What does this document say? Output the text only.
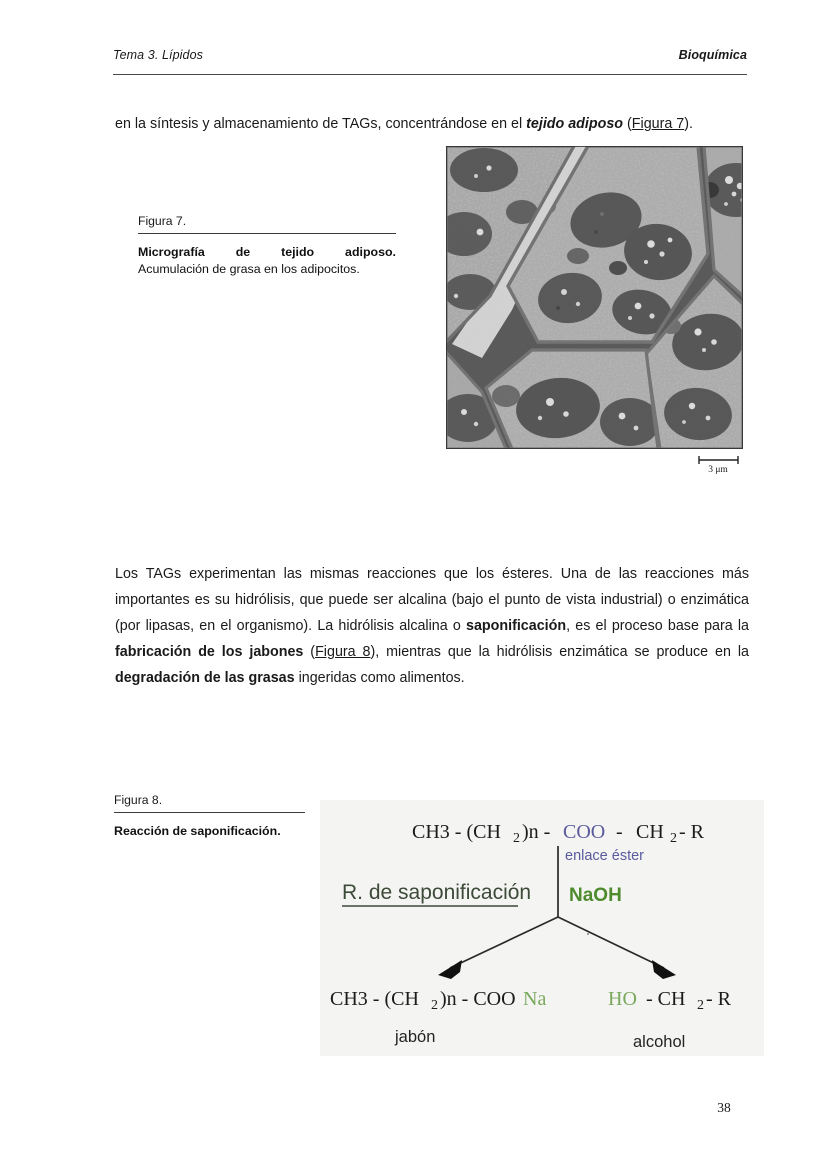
Tema 3. Lípidos	Bioquímica

en la síntesis y almacenamiento de TAGs, concentrándose en el tejido adiposo (Figura 7).

Figura 7.
Micrografía de tejido adiposo.
Acumulación de grasa en los adipocitos.
3 μm

Los TAGs experimentan las mismas reacciones que los ésteres. Una de las reacciones más importantes es su hidrólisis, que puede ser alcalina (bajo el punto de vista industrial) o enzimática (por lipasas, en el organismo). La hidrólisis alcalina o saponificación, es el proceso base para la fabricación de los jabones (Figura 8), mientras que la hidrólisis enzimática se produce en la degradación de las grasas ingeridas como alimentos.

Figura 8.
Reacción de saponificación.	CH3 - (CH 2 )n - COO - CH 2 - R
enlace éster
R. de saponificación NaOH
CH3 - (CH 2 )n - COO Na
jabón
HO - CH 2 - R
alcohol
38
